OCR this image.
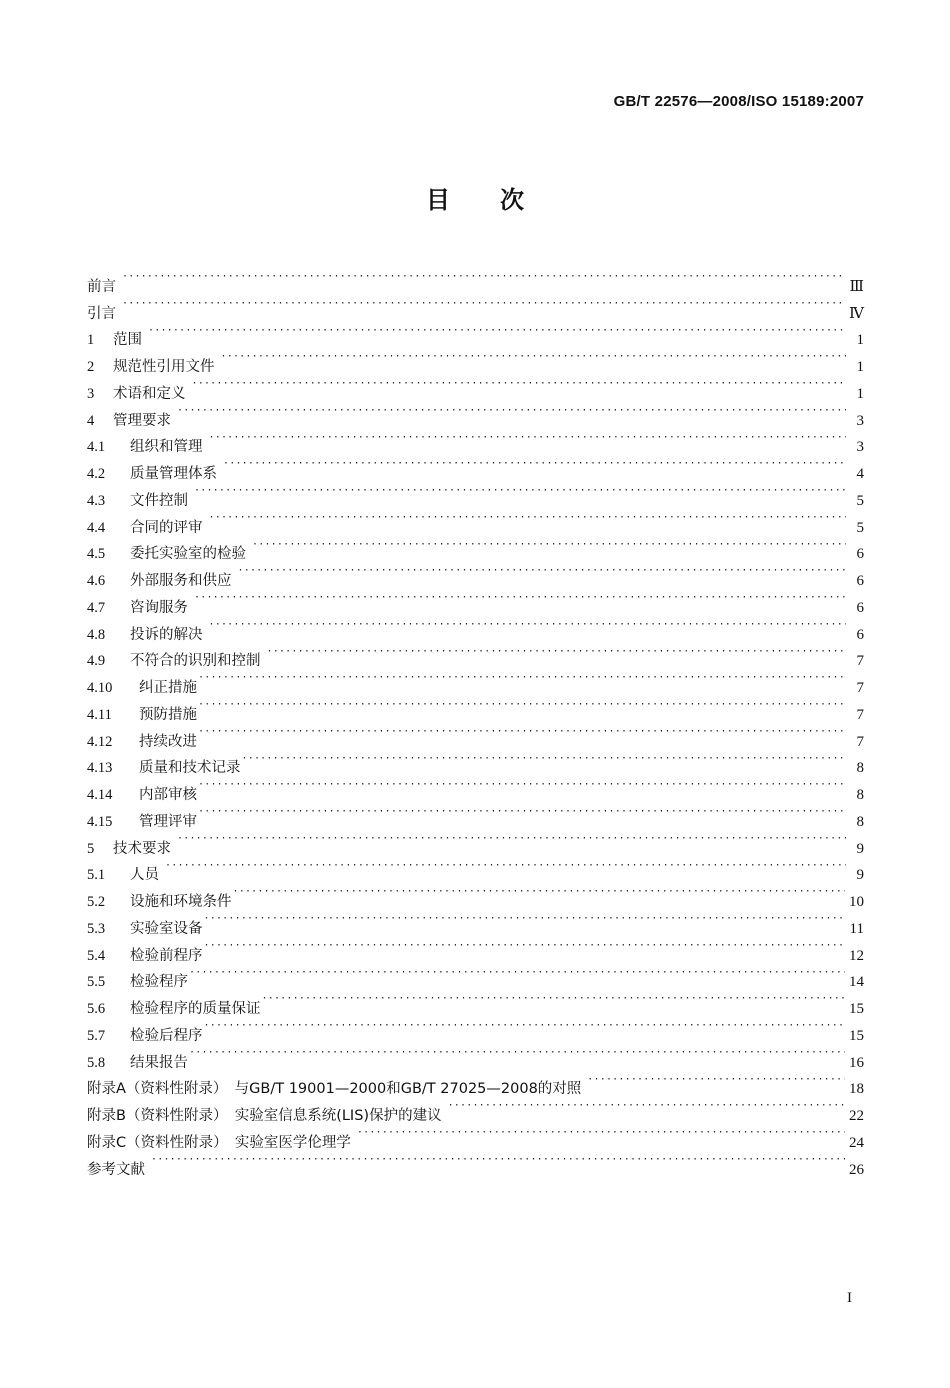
GB/T 22576—2008/ISO 15189:2007
目次
前言 ·····	Ⅲ
引言 ·····	Ⅳ
1	范围 ·····	1
2	规范性引用文件 ·····	1
3	术语和定义 ·····	1
4	管理要求 ·····	3
4.1	组织和管理 ·····	3
4.2	质量管理体系 ·····	4
4.3	文件控制 ·····	5
4.4	合同的评审 ·····	5
4.5	委托实验室的检验 ·····	6
4.6	外部服务和供应 ·····	6
4.7	咨询服务 ·····	6
4.8	投诉的解决 ·····	6
4.9	不符合的识别和控制 ·····	7
4.10	纠正措施 ·····	7
4.11	预防措施 ·····	7
4.12	持续改进 ·····	7
4.13	质量和技术记录 ·····	8
4.14	内部审核 ·····	8
4.15	管理评审 ·····	8
5	技术要求 ·····	9
5.1	人员 ·····	9
5.2	设施和环境条件 ·····	10
5.3	实验室设备 ·····	11
5.4	检验前程序 ·····	12
5.5	检验程序 ·····	14
5.6	检验程序的质量保证 ·····	15
5.7	检验后程序 ·····	15
5.8	结果报告 ·····	16
附录A（资料性附录）　与GB/T 19001—2000和GB/T 27025—2008的对照 ·····	18
附录B（资料性附录）　实验室信息系统(LIS)保护的建议 ·····	22
附录C（资料性附录）　实验室医学伦理学 ·····	24
参考文献 ·····	26
I
